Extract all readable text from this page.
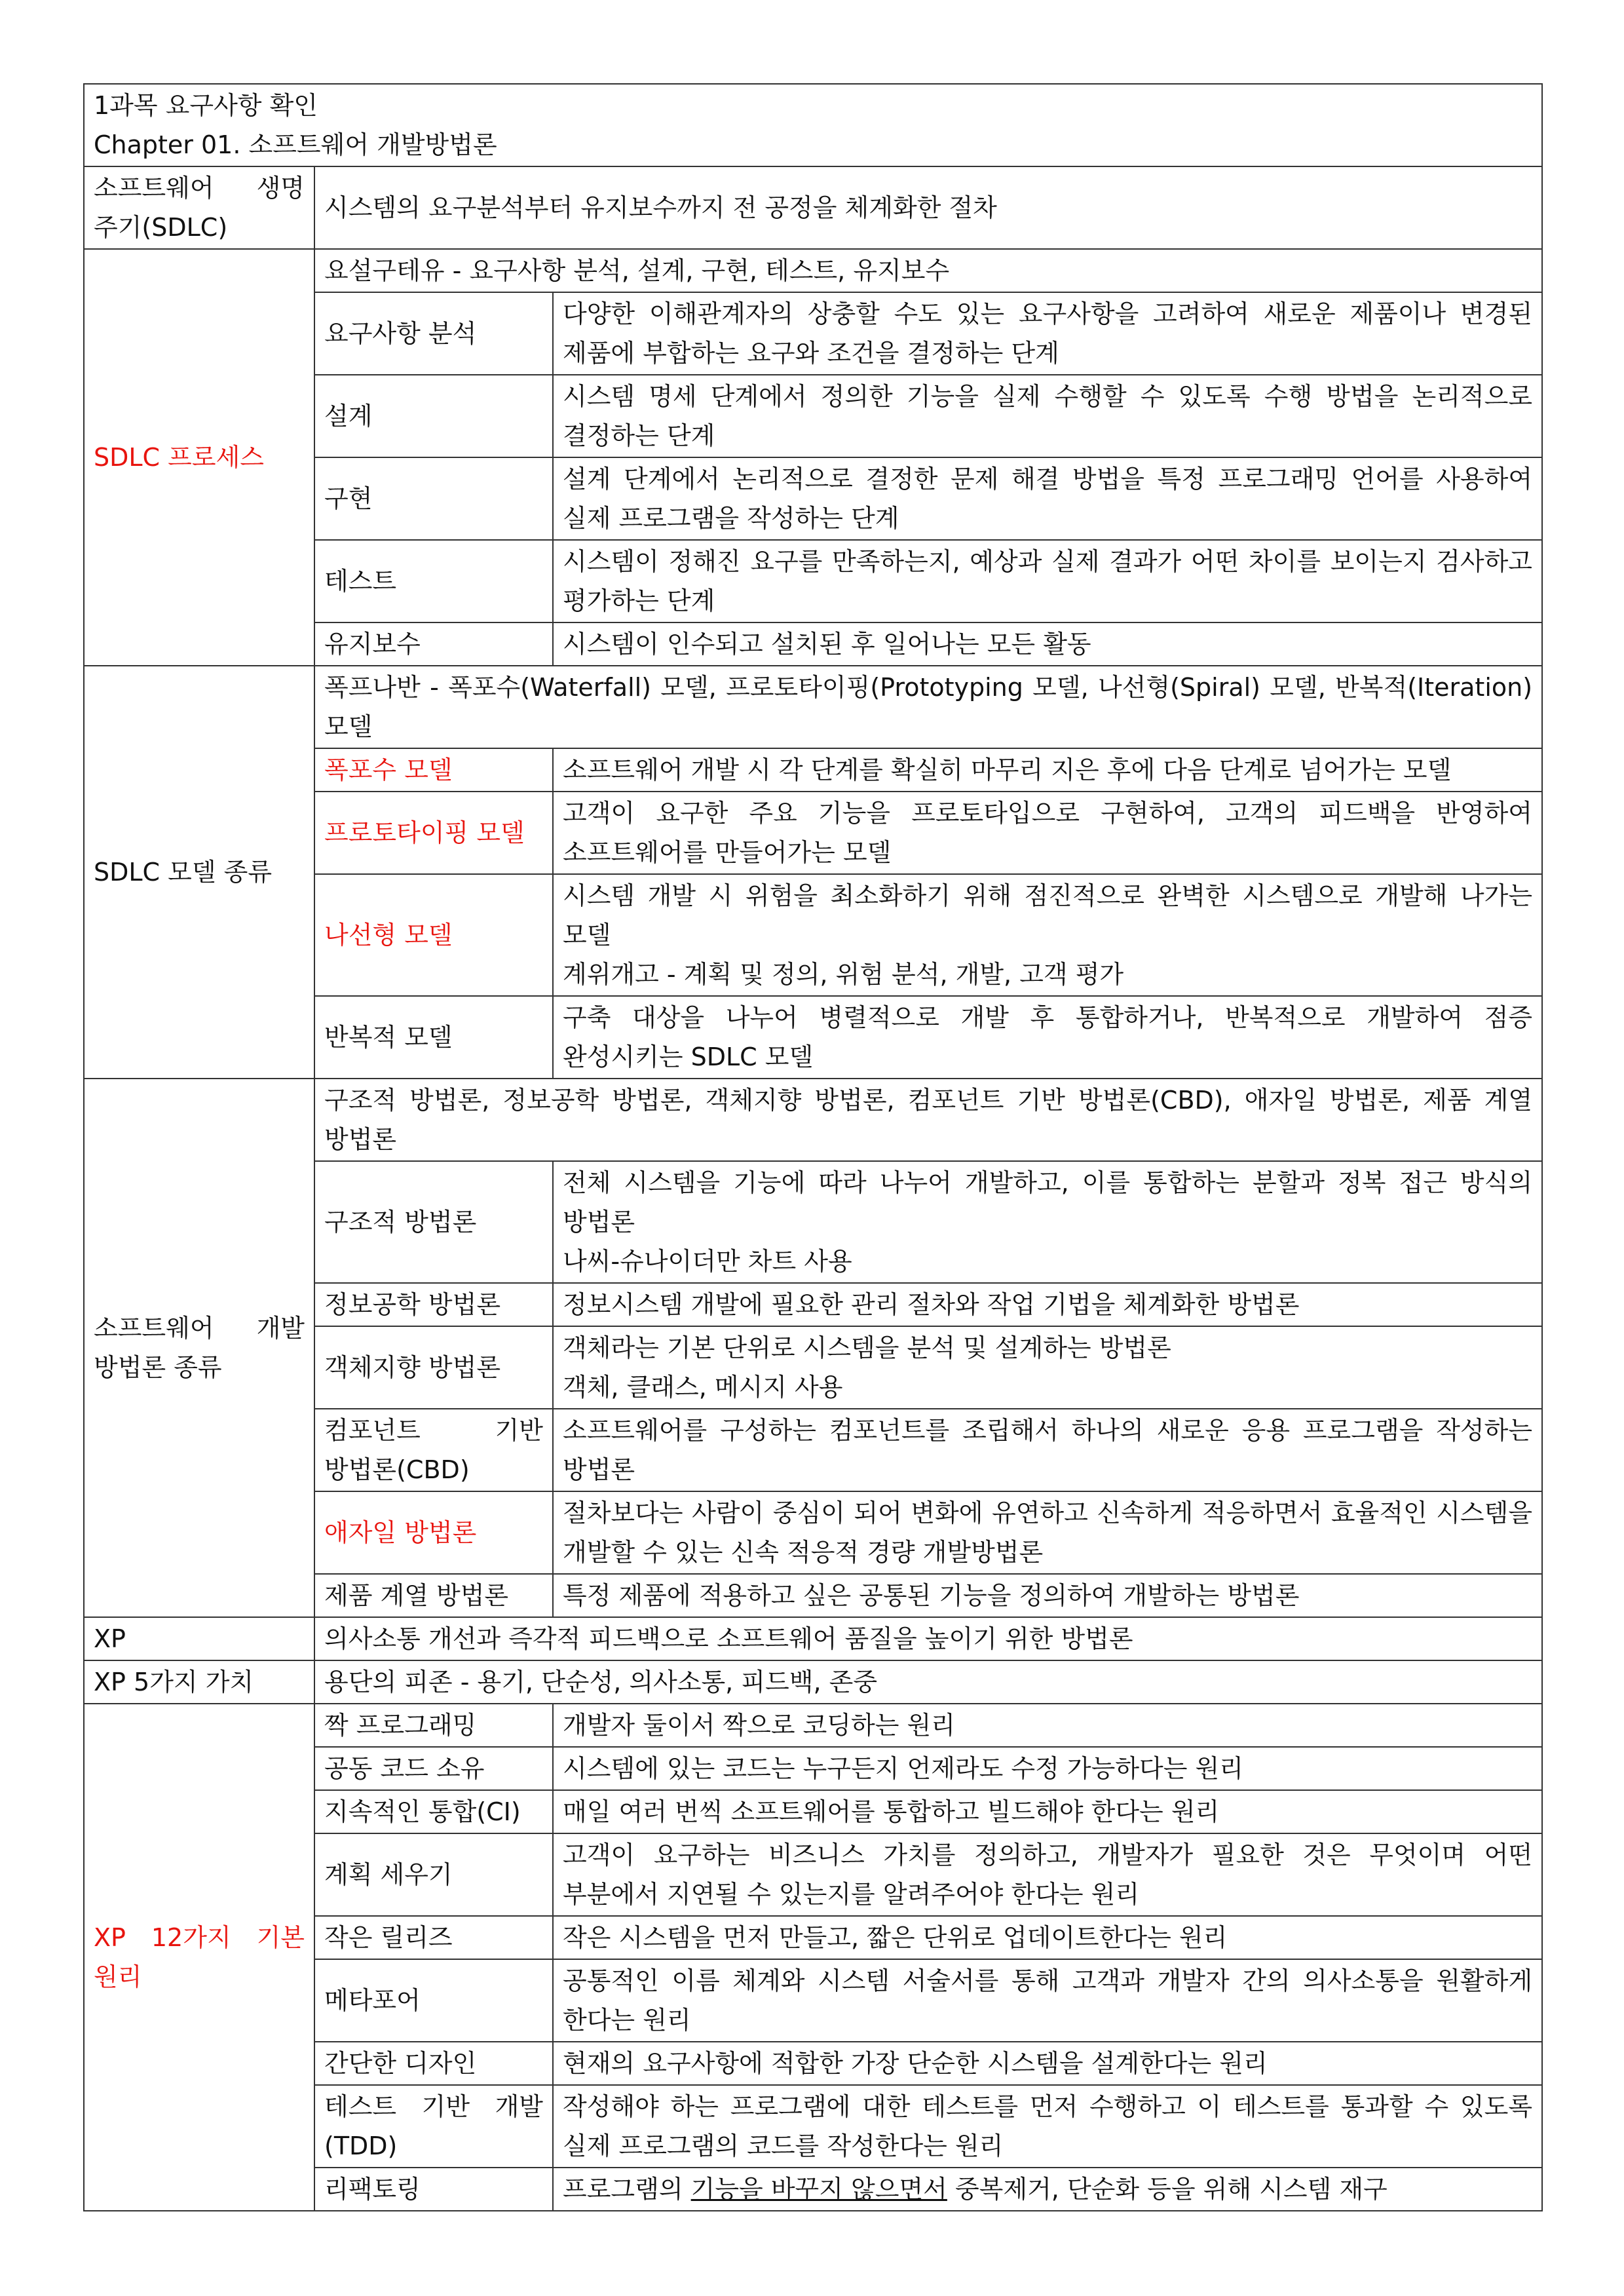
1과목 요구사항 확인
Chapter 01. 소프트웨어 개발방법론		

소프트웨어 생명 주기(SDLC)	시스템의 요구분석부터 유지보수까지 전 공정을 체계화한 절차	
SDLC 프로세스	요설구테유 - 요구사항 분석, 설계, 구현, 테스트, 유지보수	
	요구사항 분석	다양한 이해관계자의 상충할 수도 있는 요구사항을 고려하여 새로운 제품이나 변경된 제품에 부합하는 요구와 조건을 결정하는 단계
	설계	시스템 명세 단계에서 정의한 기능을 실제 수행할 수 있도록 수행 방법을 논리적으로 결정하는 단계
	구현	설계 단계에서 논리적으로 결정한 문제 해결 방법을 특정 프로그래밍 언어를 사용하여 실제 프로그램을 작성하는 단계
	테스트	시스템이 정해진 요구를 만족하는지, 예상과 실제 결과가 어떤 차이를 보이는지 검사하고 평가하는 단계
	유지보수	시스템이 인수되고 설치된 후 일어나는 모든 활동
SDLC 모델 종류	폭프나반 - 폭포수(Waterfall) 모델, 프로토타이핑(Prototyping 모델, 나선형(Spiral) 모델, 반복적(Iteration) 모델	
	폭포수 모델	소프트웨어 개발 시 각 단계를 확실히 마무리 지은 후에 다음 단계로 넘어가는 모델
	프로토타이핑 모델	고객이 요구한 주요 기능을 프로토타입으로 구현하여, 고객의 피드백을 반영하여 소프트웨어를 만들어가는 모델
	나선형 모델	시스템 개발 시 위험을 최소화하기 위해 점진적으로 완벽한 시스템으로 개발해 나가는 모델
계위개고 - 계획 및 정의, 위험 분석, 개발, 고객 평가

	반복적 모델	구축 대상을 나누어 병렬적으로 개발 후 통합하거나, 반복적으로 개발하여 점증 완성시키는 SDLC 모델
소프트웨어 개발 방법론 종류	구조적 방법론, 정보공학 방법론, 객체지향 방법론, 컴포넌트 기반 방법론(CBD), 애자일 방법론, 제품 계열 방법론	
	구조적 방법론	전체 시스템을 기능에 따라 나누어 개발하고, 이를 통합하는 분할과 정복 접근 방식의 방법론
나씨-슈나이더만 차트 사용

	정보공학 방법론	정보시스템 개발에 필요한 관리 절차와 작업 기법을 체계화한 방법론
	객체지향 방법론	객체라는 기본 단위로 시스템을 분석 및 설계하는 방법론
객체, 클래스, 메시지 사용

	컴포넌트 기반 방법론(CBD)	소프트웨어를 구성하는 컴포넌트를 조립해서 하나의 새로운 응용 프로그램을 작성하는 방법론
	애자일 방법론	절차보다는 사람이 중심이 되어 변화에 유연하고 신속하게 적응하면서 효율적인 시스템을 개발할 수 있는 신속 적응적 경량 개발방법론
	제품 계열 방법론	특정 제품에 적용하고 싶은 공통된 기능을 정의하여 개발하는 방법론
XP	의사소통 개선과 즉각적 피드백으로 소프트웨어 품질을 높이기 위한 방법론	
XP 5가지 가치	용단의 피존 - 용기, 단순성, 의사소통, 피드백, 존중	
XP 12가지 기본 원리	짝 프로그래밍	개발자 둘이서 짝으로 코딩하는 원리
	공동 코드 소유	시스템에 있는 코드는 누구든지 언제라도 수정 가능하다는 원리
	지속적인 통합(CI)	매일 여러 번씩 소프트웨어를 통합하고 빌드해야 한다는 원리
	계획 세우기	고객이 요구하는 비즈니스 가치를 정의하고, 개발자가 필요한 것은 무엇이며 어떤 부분에서 지연될 수 있는지를 알려주어야 한다는 원리
	작은 릴리즈	작은 시스템을 먼저 만들고, 짧은 단위로 업데이트한다는 원리
	메타포어	공통적인 이름 체계와 시스템 서술서를 통해 고객과 개발자 간의 의사소통을 원활하게 한다는 원리
	간단한 디자인	현재의 요구사항에 적합한 가장 단순한 시스템을 설계한다는 원리
	테스트 기반 개발(TDD)	작성해야 하는 프로그램에 대한 테스트를 먼저 수행하고 이 테스트를 통과할 수 있도록 실제 프로그램의 코드를 작성한다는 원리
	리팩토링	프로그램의 기능을 바꾸지 않으면서 중복제거, 단순화 등을 위해 시스템 재구
